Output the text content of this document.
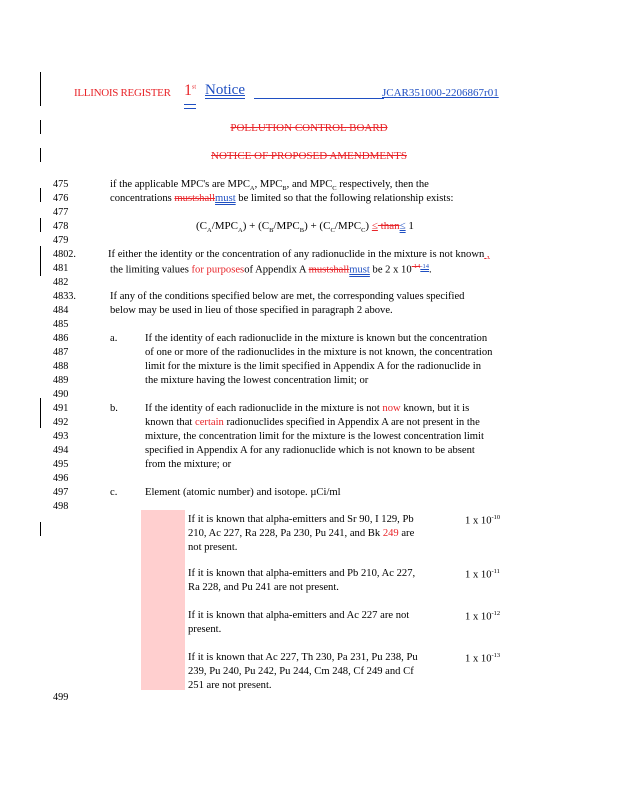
ILLINOIS REGISTER 1st Notice	JCAR351000-2206867r01
POLLUTION CONTROL BOARD
NOTICE OF PROPOSED AMENDMENTS
475
476
477
478
479
4802.
481
482
4833.
484
485
486
487
488
489
490
491
492
493
494
495
496
497
498
499
if the applicable MPC's are $MPC_A$, $MPC_B$, and $MPC_C$ respectively, then the
concentrations mustshallmust be limited so that the following relationship exists:
$(C_A/MPC_A) + (C_B/MPC_B) + (C_C/MPC_C)$ ≤ than≤ 1
If either the identity or the concentration of any radionuclide in the mixture is not known ,
the limiting values for purposesof Appendix A mustshallmust be 2 x $10^{-14-14}$.
If any of the conditions specified below are met, the corresponding values specified
below may be used in lieu of those specified in paragraph 2 above.
a.	If the identity of each radionuclide in the mixture is known but the concentration
of one or more of the radionuclides in the mixture is not known, the concentration
limit for the mixture is the limit specified in Appendix A for the radionuclide in
the mixture having the lowest concentration limit; or
b.	If the identity of each radionuclide in the mixture is not now known, but it is
known that certain radionuclides specified in Appendix A are not present in the
mixture, the concentration limit for the mixture is the lowest concentration limit
specified in Appendix A for any radionuclide which is not known to be absent
from the mixture; or
c.	Element (atomic number) and isotope. µCi/ml
If it is known that alpha-emitters and Sr 90, I 129, Pb
210, Ac 227, Ra 228, Pa 230, Pu 241, and Bk 249 are
not present.
1 x $10^{-10}$
If it is known that alpha-emitters and Pb 210, Ac 227,
Ra 228, and Pu 241 are not present.
1 x $10^{-11}$
If it is known that alpha-emitters and Ac 227 are not
present.
1 x $10^{-12}$
If it is known that Ac 227, Th 230, Pa 231, Pu 238, Pu
239, Pu 240, Pu 242, Pu 244, Cm 248, Cf 249 and Cf
251 are not present.
1 x $10^{-13}$
